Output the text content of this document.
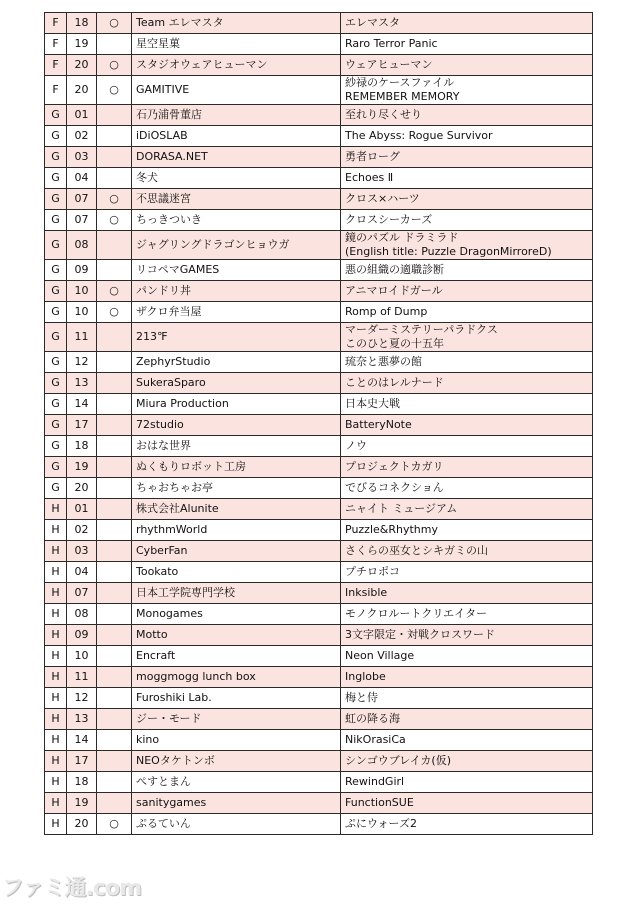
F	18	○	Team エレマスタ	エレマスタ

F	19		星空星菓	Raro Terror Panic

F	20	○	スタジオウェアヒューマン	ウェアヒューマン

F	20	○	GAMITIVE	紗禄のケースファイル
REMEMBER MEMORY

G	01		石乃浦骨董店	至れり尽くせり

G	02		iDiOSLAB	The Abyss: Rogue Survivor

G	03		DORASA.NET	勇者ローグ

G	04		冬犬	Echoes Ⅱ

G	07	○	不思議迷宮	クロス×ハーツ

G	07	○	ちっきついき	クロスシーカーズ

G	08		ジャグリングドラゴンヒョウガ	鏡のパズル ドラミラド
(English title: Puzzle DragonMirroreD)

G	09		リコペマGAMES	悪の組織の適職診断

G	10	○	パンドリ丼	アニマロイドガール

G	10	○	ザクロ弁当屋	Romp of Dump

G	11		213℉	マーダーミステリーパラドクス
このひと夏の十五年

G	12		ZephyrStudio	琉奈と悪夢の館

G	13		SukeraSparo	ことのはレルナード

G	14		Miura Production	日本史大戦

G	17		72studio	BatteryNote

G	18		おはな世界	ノウ

G	19		ぬくもりロボット工房	プロジェクトカガリ

G	20		ちゃおちゃお亭	でびるコネクショん

H	01		株式会社Alunite	ニャイト ミュージアム

H	02		rhythmWorld	Puzzle&Rhythmy

H	03		CyberFan	さくらの巫女とシキガミの山

H	04		Tookato	プチロポコ

H	07		日本工学院専門学校	Inksible

H	08		Monogames	モノクロルートクリエイター

H	09		Motto	3文字限定・対戦クロスワード

H	10		Encraft	Neon Village

H	11		moggmogg lunch box	Inglobe

H	12		Furoshiki Lab.	梅と侍

H	13		ジー・モード	虹の降る海

H	14		kino	NikOrasiCa

H	17		NEOタケトンボ	シンゴウブレイカ(仮)

H	18		ぺすとまん	RewindGirl

H	19		sanitygames	FunctionSUE

H	20	○	ぷるていん	ぷにウォーズ2
ファミ通.com
